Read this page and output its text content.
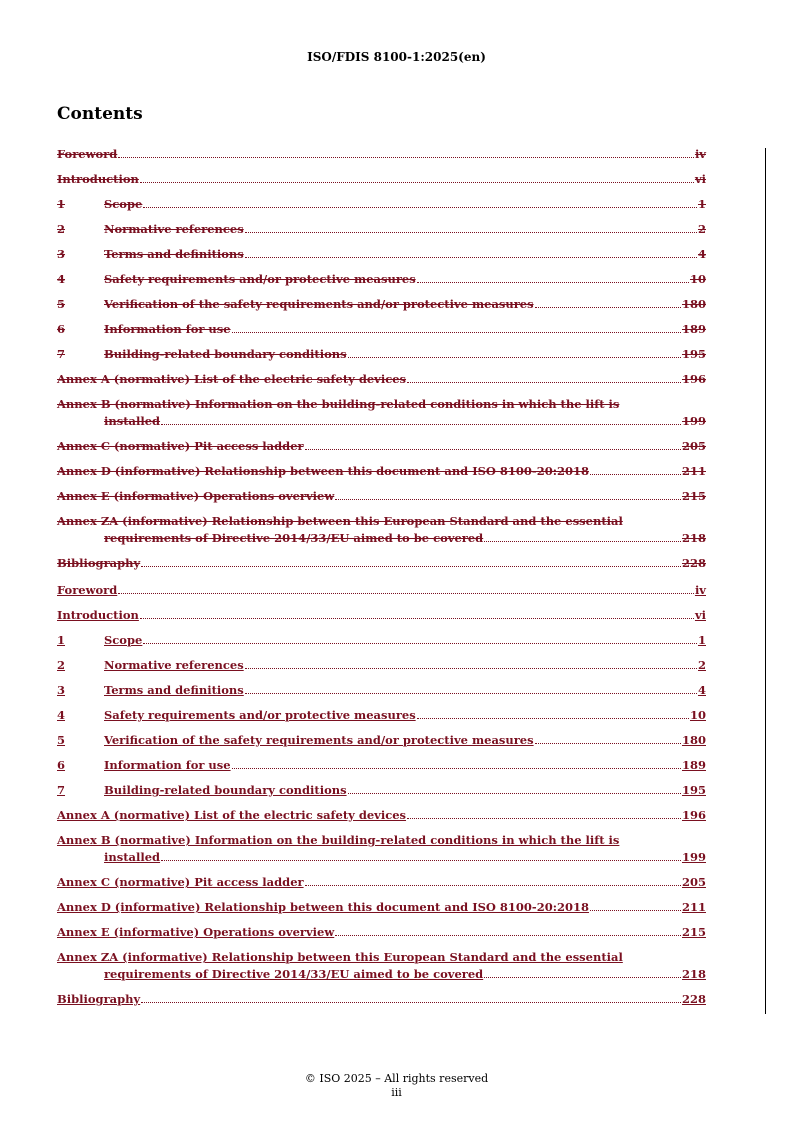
ISO/FDIS 8100-1:2025(en)
Contents
Foreword	iv
Introduction	vi
1	Scope	1
2	Normative references	2
3	Terms and definitions	4
4	Safety requirements and/or protective measures	10
5	Verification of the safety requirements and/or protective measures	180
6	Information for use	189
7	Building-related boundary conditions	195
Annex A (normative) List of the electric safety devices	196
Annex B (normative) Information on the building-related conditions in which the lift is
installed	199
Annex C (normative) Pit access ladder	205
Annex D (informative) Relationship between this document and ISO 8100-20:2018	211
Annex E (informative) Operations overview	215
Annex ZA (informative) Relationship between this European Standard and the essential
requirements of Directive 2014/33/EU aimed to be covered	218
Bibliography	228
Foreword	iv
Introduction	vi
1	Scope	1
2	Normative references	2
3	Terms and definitions	4
4	Safety requirements and/or protective measures	10
5	Verification of the safety requirements and/or protective measures	180
6	Information for use	189
7	Building-related boundary conditions	195
Annex A (normative) List of the electric safety devices	196
Annex B (normative) Information on the building-related conditions in which the lift is
installed	199
Annex C (normative) Pit access ladder	205
Annex D (informative) Relationship between this document and ISO 8100-20:2018	211
Annex E (informative) Operations overview	215
Annex ZA (informative) Relationship between this European Standard and the essential
requirements of Directive 2014/33/EU aimed to be covered	218
Bibliography	228
© ISO 2025 – All rights reserved
iii
